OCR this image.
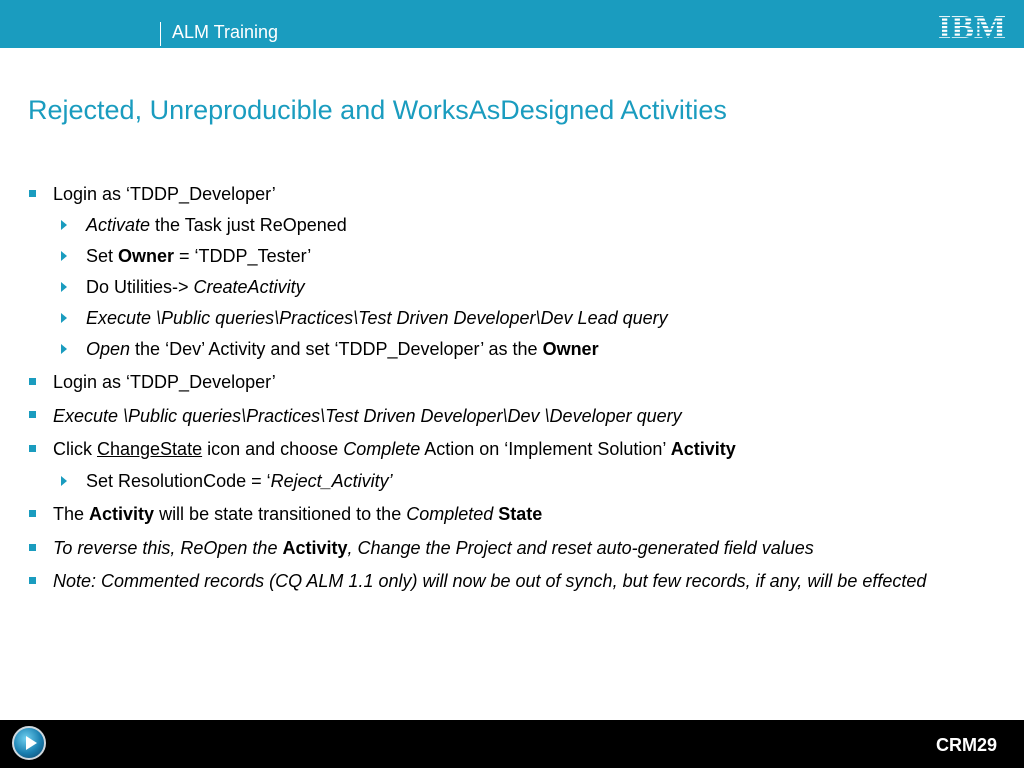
ALM Training	IBM
Rejected, Unreproducible and WorksAsDesigned Activities
Login as ‘TDDP_Developer’
Activate the Task just ReOpened
Set Owner = ‘TDDP_Tester’
Do Utilities-> CreateActivity
Execute \Public queries\Practices\Test Driven Developer\Dev Lead query
Open the ‘Dev’ Activity and set ‘TDDP_Developer’ as the Owner
Login as ‘TDDP_Developer’
Execute \Public queries\Practices\Test Driven Developer\Dev \Developer query
Click ChangeState icon and choose Complete Action on ‘Implement Solution’ Activity
Set ResolutionCode = ‘Reject_Activity’
The Activity will be state transitioned to the Completed State
To reverse this, ReOpen the Activity, Change the Project and reset auto-generated field values
Note: Commented records (CQ ALM 1.1 only) will now be out of synch, but few records, if any, will be effected
CRM29
